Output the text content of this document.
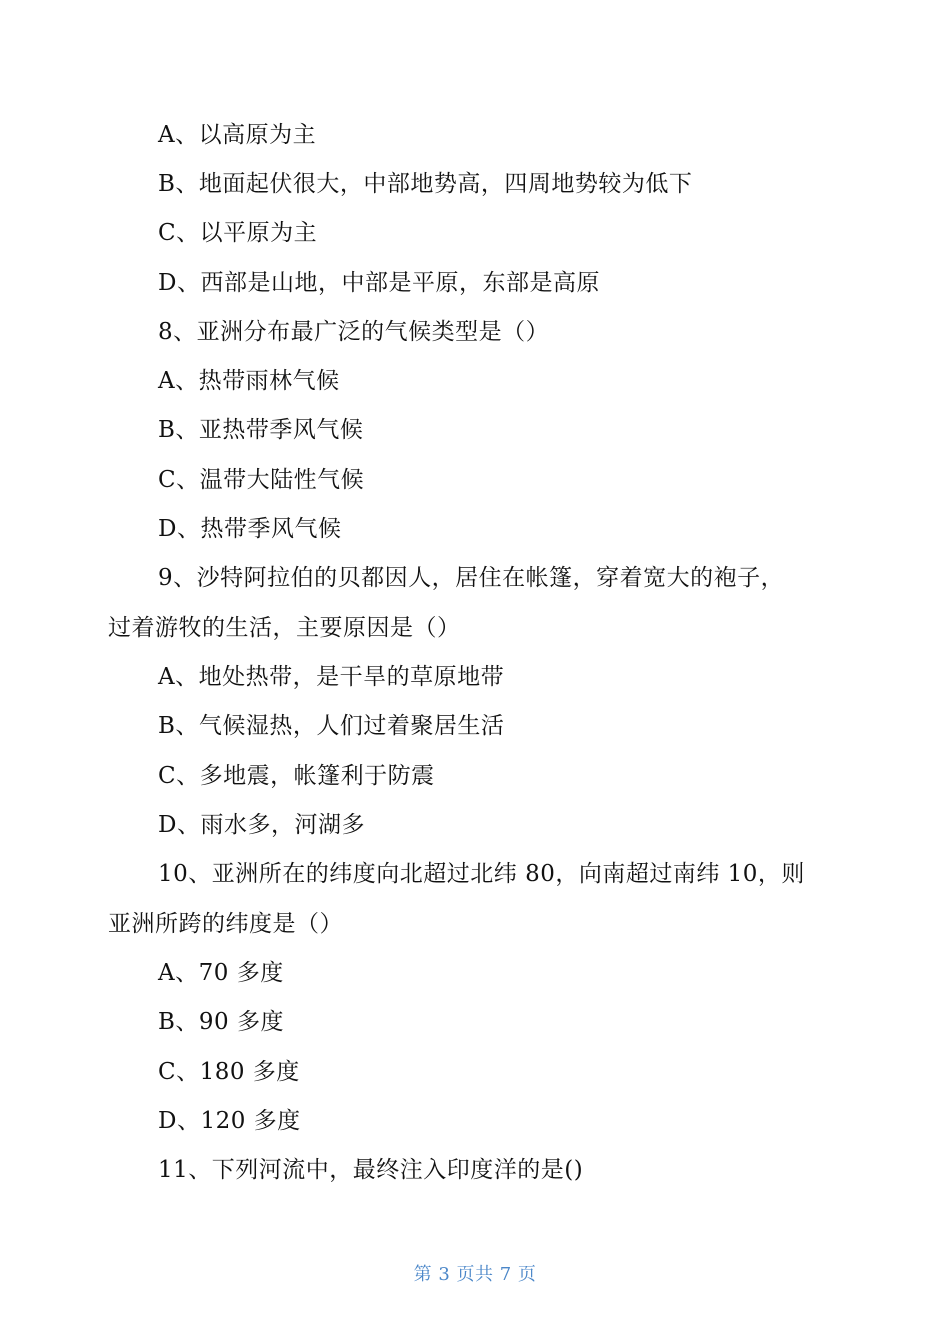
A、以高原为主
B、地面起伏很大，中部地势高，四周地势较为低下
C、以平原为主
D、西部是山地，中部是平原，东部是高原
8、亚洲分布最广泛的气候类型是（）
A、热带雨林气候
B、亚热带季风气候
C、温带大陆性气候
D、热带季风气候
9、沙特阿拉伯的贝都因人，居住在帐篷，穿着宽大的袍子，
过着游牧的生活，主要原因是（）
A、地处热带，是干旱的草原地带
B、气候湿热，人们过着聚居生活
C、多地震，帐篷利于防震
D、雨水多，河湖多
10、亚洲所在的纬度向北超过北纬 80，向南超过南纬 10，则
亚洲所跨的纬度是（）
A、70 多度
B、90 多度
C、180 多度
D、120 多度
11、下列河流中，最终注入印度洋的是()
第 3 页共 7 页
